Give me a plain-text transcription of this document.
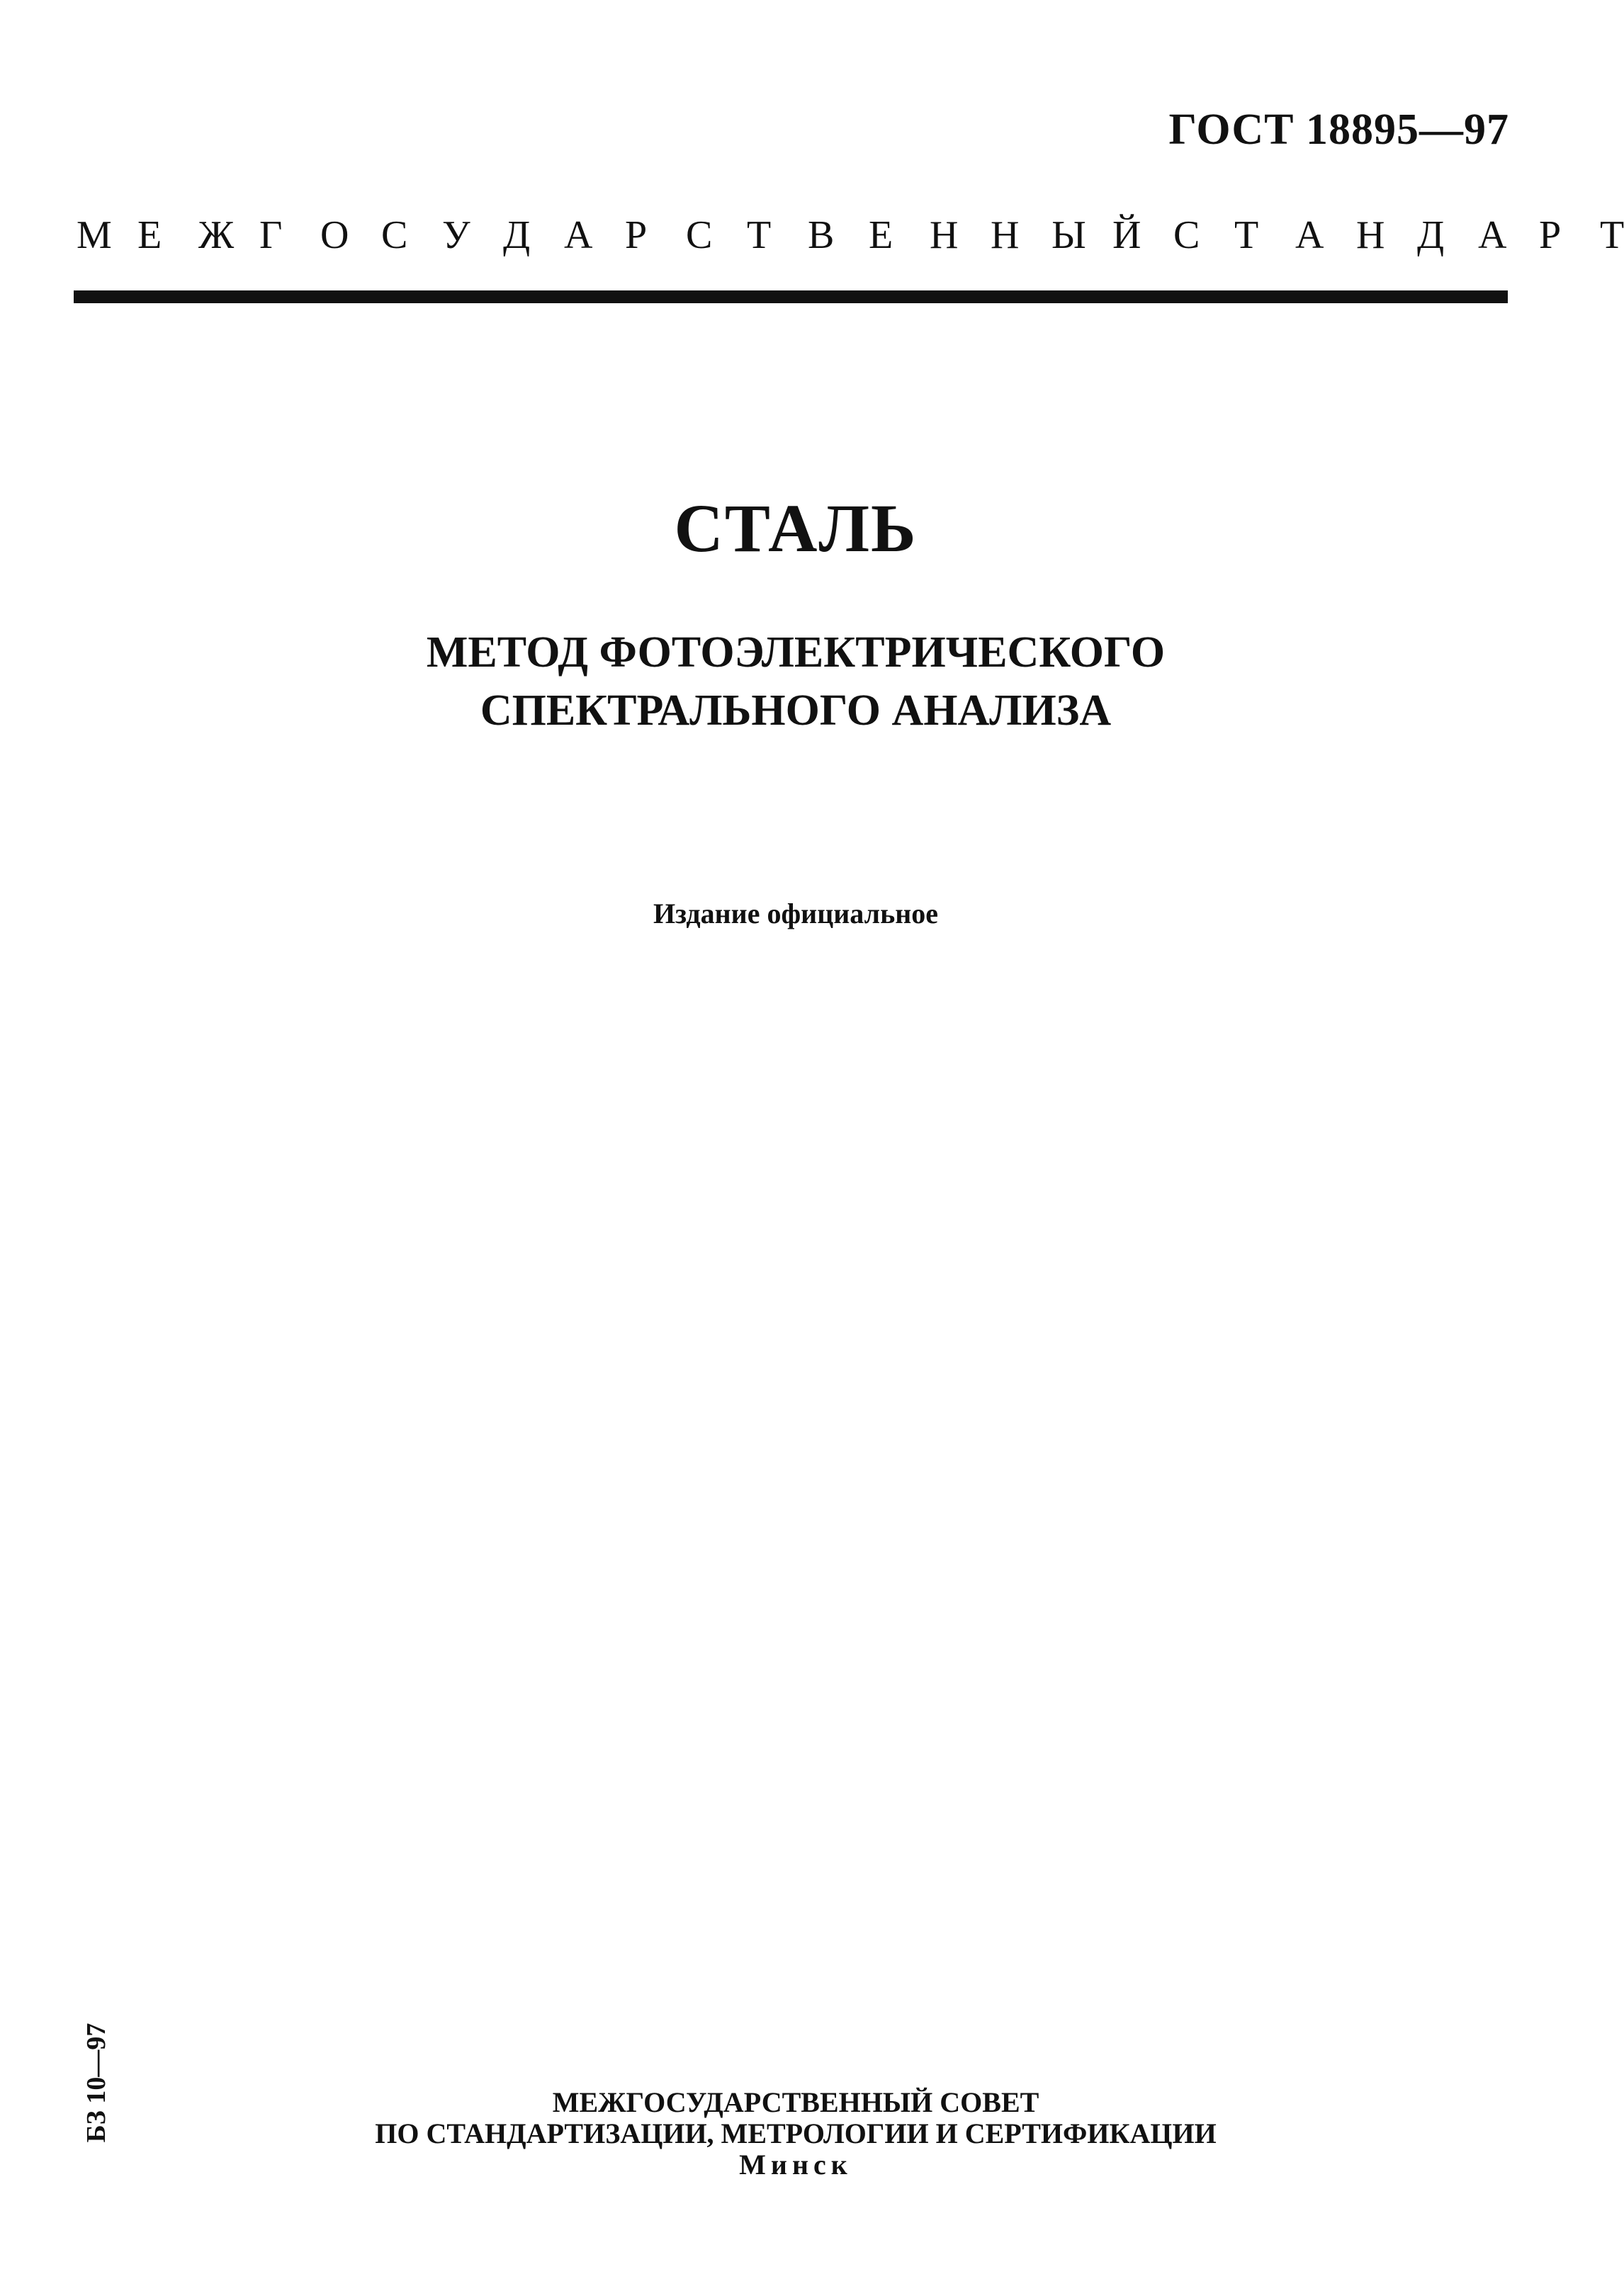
ГОСТ 18895—97
М Е Ж Г О С У Д А Р С Т В Е Н Н Ы Й С Т А Н Д А Р Т
СТАЛЬ
МЕТОД ФОТОЭЛЕКТРИЧЕСКОГО
СПЕКТРАЛЬНОГО АНАЛИЗА
Издание официальное
БЗ 10—97	МЕЖГОСУДАРСТВЕННЫЙ СОВЕТ
ПО СТАНДАРТИЗАЦИИ, МЕТРОЛОГИИ И СЕРТИФИКАЦИИ
Минск
